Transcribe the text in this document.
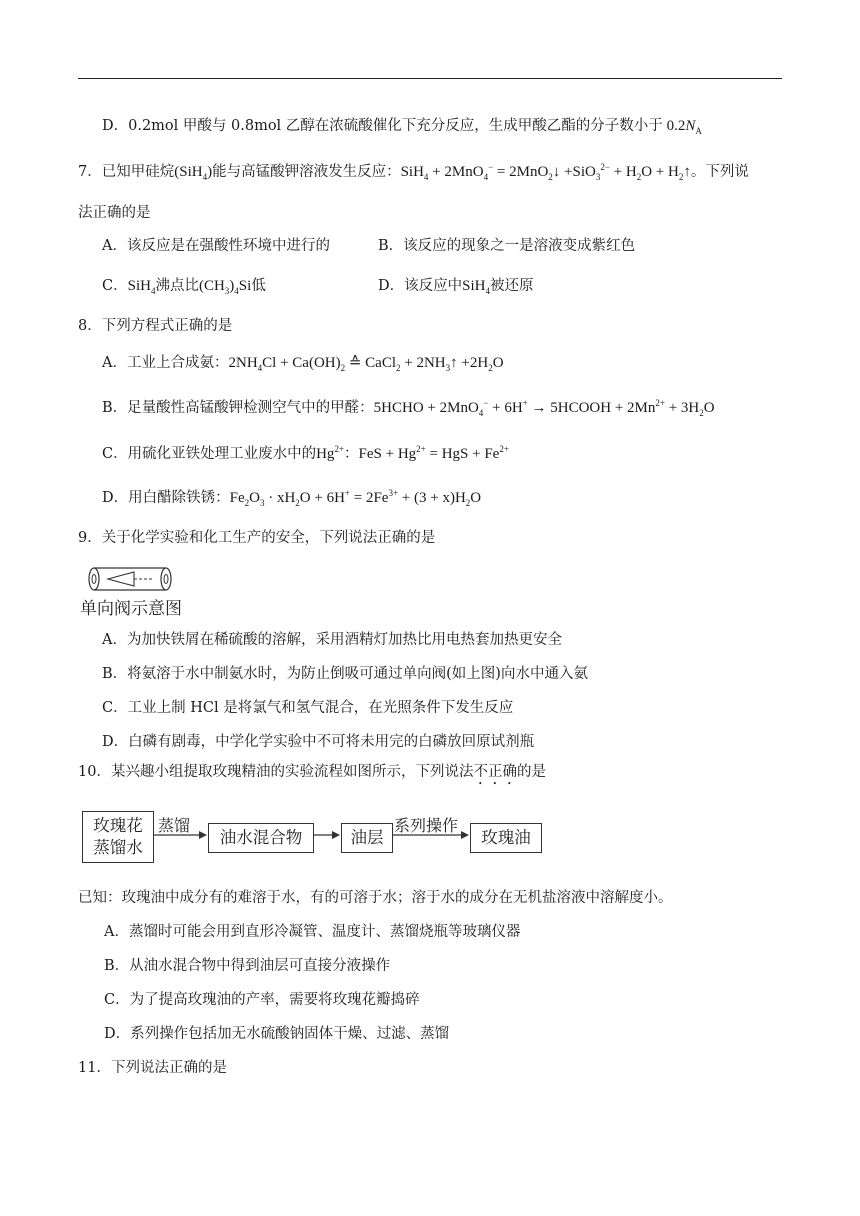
D．0.2mol 甲酸与 0.8mol 乙醇在浓硫酸催化下充分反应，生成甲酸乙酯的分子数小于 $0.2N_A$
7．已知甲硅烷(SiH$_4$)能与高锰酸钾溶液发生反应：SiH$_4$ + 2MnO$_4$− = 2MnO$_2$↓ $+SiO_3^{2-} + H_2O$ + $H_2↑$。下列说
法正确的是
A．该反应是在强酸性环境中进行的	B．该反应的现象之一是溶液变成紫红色
C．SiH$_4$沸点比$(CH_3)_4Si$低	D．该反应中SiH$_4$被还原
8．下列方程式正确的是
A．工业上合成氨：$2NH_4Cl + Ca(OH)_2$ ≙ CaCl$_2$ + $2NH_3↑ +2H_2O$
B．足量酸性高锰酸钾检测空气中的甲醛：5HCHO + 2MnO$_4$− + 6H+ → 5HCOOH + $2Mn^{2+} + 3H_2O$
C．用硫化亚铁处理工业废水中的$Hg^{2+}$：FeS + $Hg^{2+}$ = HgS + $Fe^{2+}$
D．用白醋除铁锈：$Fe_2O_3 \cdot xH_2O + 6H^+ = 2Fe^{3+} + (3 + x)H_2O$
9．关于化学实验和化工生产的安全，下列说法正确的是
单向阀示意图
A．为加快铁屑在稀硫酸的溶解，采用酒精灯加热比用电热套加热更安全
B．将氨溶于水中制氨水时，为防止倒吸可通过单向阀(如上图)向水中通入氨
C．工业上制 HCl 是将氯气和氢气混合，在光照条件下发生反应
D．白磷有剧毒，中学化学实验中不可将未用完的白磷放回原试剂瓶
10．某兴趣小组提取玫瑰精油的实验流程如图所示，下列说法不正确的是
玫瑰花
蒸馏水
蒸馏
油水混合物	油层
系列操作
玫瑰油
已知：玫瑰油中成分有的难溶于水，有的可溶于水；溶于水的成分在无机盐溶液中溶解度小。
A．蒸馏时可能会用到直形冷凝管、温度计、蒸馏烧瓶等玻璃仪器
B．从油水混合物中得到油层可直接分液操作
C．为了提高玫瑰油的产率，需要将玫瑰花瓣捣碎
D．系列操作包括加无水硫酸钠固体干燥、过滤、蒸馏
11．下列说法正确的是
